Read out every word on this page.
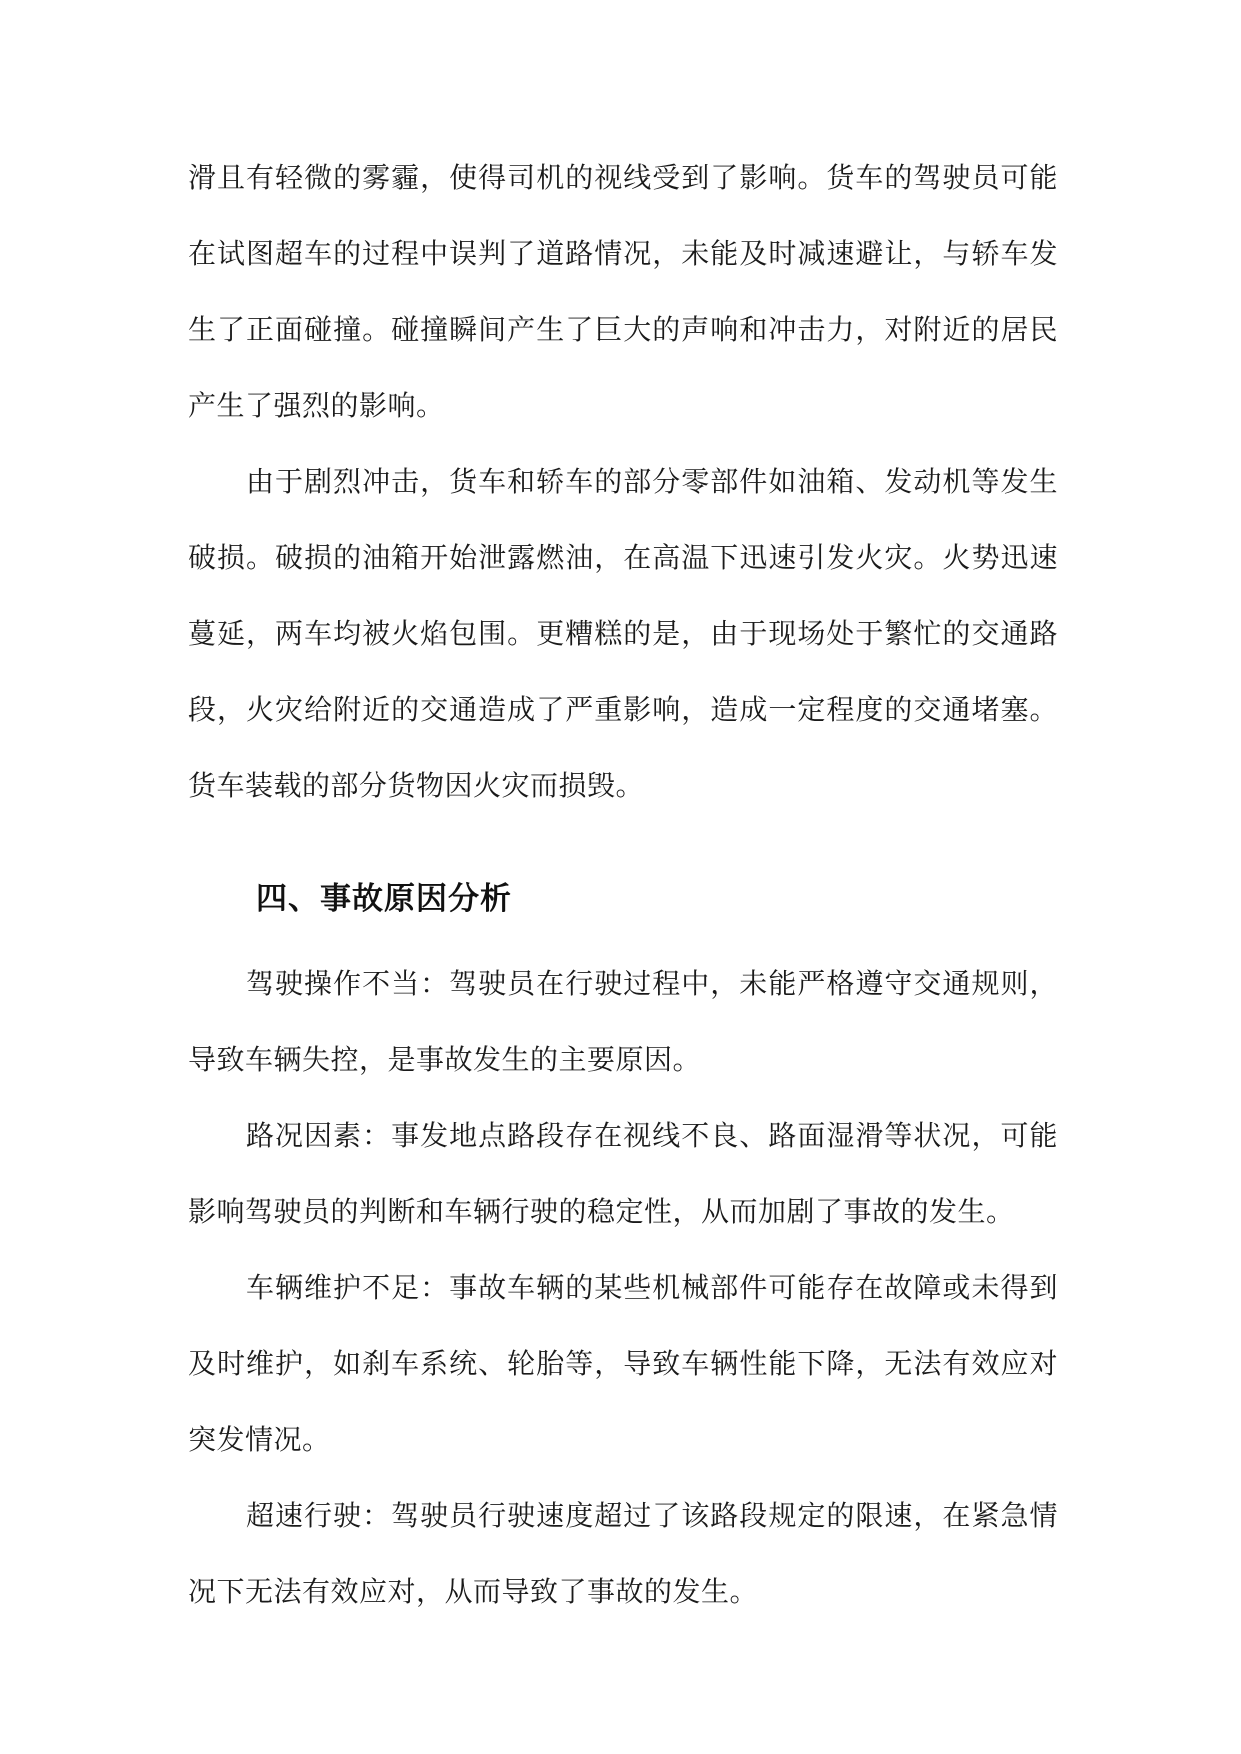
滑且有轻微的雾霾，使得司机的视线受到了影响。货车的驾驶员可能在试图超车的过程中误判了道路情况，未能及时减速避让，与轿车发生了正面碰撞。碰撞瞬间产生了巨大的声响和冲击力，对附近的居民产生了强烈的影响。

由于剧烈冲击，货车和轿车的部分零部件如油箱、发动机等发生破损。破损的油箱开始泄露燃油，在高温下迅速引发火灾。火势迅速蔓延，两车均被火焰包围。更糟糕的是，由于现场处于繁忙的交通路段，火灾给附近的交通造成了严重影响，造成一定程度的交通堵塞。货车装载的部分货物因火灾而损毁。

四、事故原因分析

驾驶操作不当：驾驶员在行驶过程中，未能严格遵守交通规则，导致车辆失控，是事故发生的主要原因。

路况因素：事发地点路段存在视线不良、路面湿滑等状况，可能影响驾驶员的判断和车辆行驶的稳定性，从而加剧了事故的发生。

车辆维护不足：事故车辆的某些机械部件可能存在故障或未得到及时维护，如刹车系统、轮胎等，导致车辆性能下降，无法有效应对突发情况。

超速行驶：驾驶员行驶速度超过了该路段规定的限速，在紧急情况下无法有效应对，从而导致了事故的发生。
